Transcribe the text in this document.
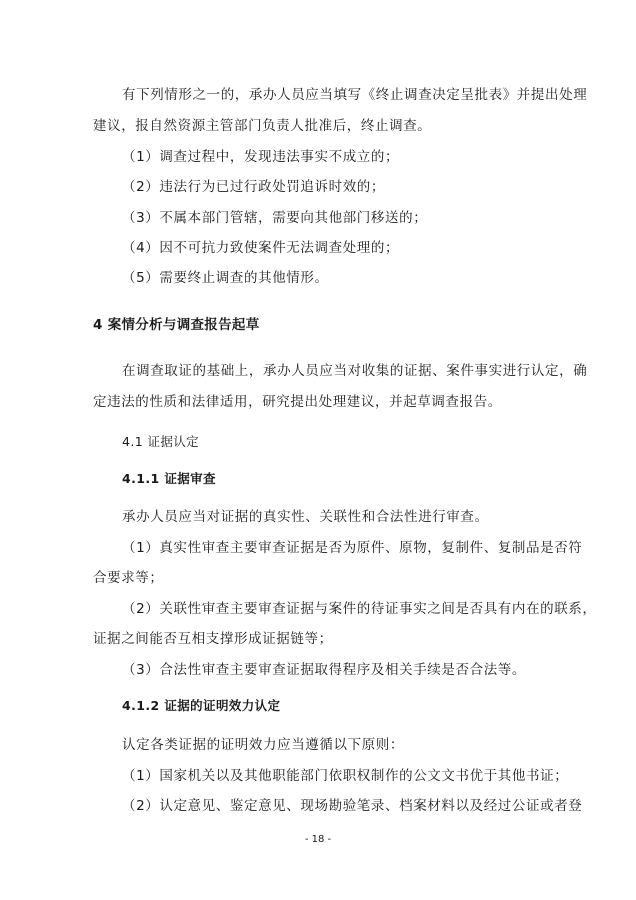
有下列情形之一的，承办人员应当填写《终止调查决定呈批表》并提出处理
建议，报自然资源主管部门负责人批准后，终止调查。
（1）调查过程中，发现违法事实不成立的；
（2）违法行为已过行政处罚追诉时效的；
（3）不属本部门管辖，需要向其他部门移送的；
（4）因不可抗力致使案件无法调查处理的；
（5）需要终止调查的其他情形。
4 案情分析与调查报告起草
在调查取证的基础上，承办人员应当对收集的证据、案件事实进行认定，确
定违法的性质和法律适用，研究提出处理建议，并起草调查报告。
4.1 证据认定
4.1.1 证据审查
承办人员应当对证据的真实性、关联性和合法性进行审查。
（1）真实性审查主要审查证据是否为原件、原物，复制件、复制品是否符
合要求等；
（2）关联性审查主要审查证据与案件的待证事实之间是否具有内在的联系，
证据之间能否互相支撑形成证据链等；
（3）合法性审查主要审查证据取得程序及相关手续是否合法等。
4.1.2 证据的证明效力认定
认定各类证据的证明效力应当遵循以下原则：
（1）国家机关以及其他职能部门依职权制作的公文文书优于其他书证；
（2）认定意见、鉴定意见、现场勘验笔录、档案材料以及经过公证或者登
- 18 -
